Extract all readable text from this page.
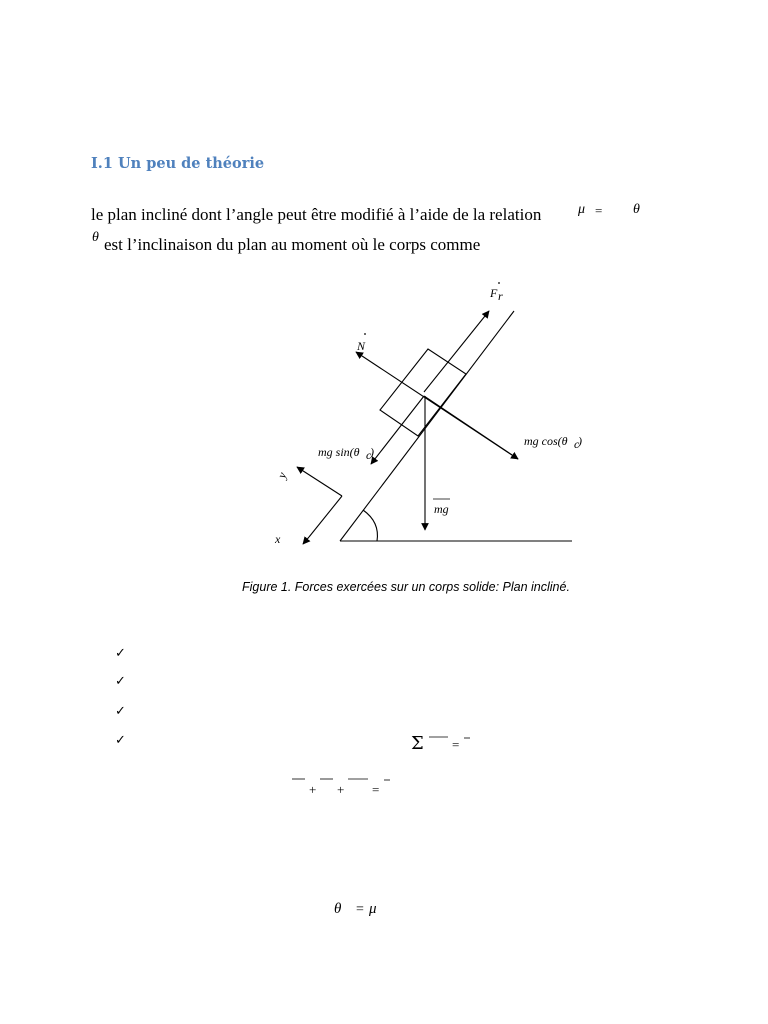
I.1 Un peu de théorie
le plan incliné dont l’angle peut être modifié à l’aide de la relation	μ = θ
θ est l’inclinaison du plan au moment où le corps comme
F r
N
mg sin(θ c
)
mg cos(θ c
)
mg
x
y
Figure 1. Forces exercées sur un corps solide: Plan incliné.
✓
✓
✓
✓	Σ =
+ + =
θ = μ
